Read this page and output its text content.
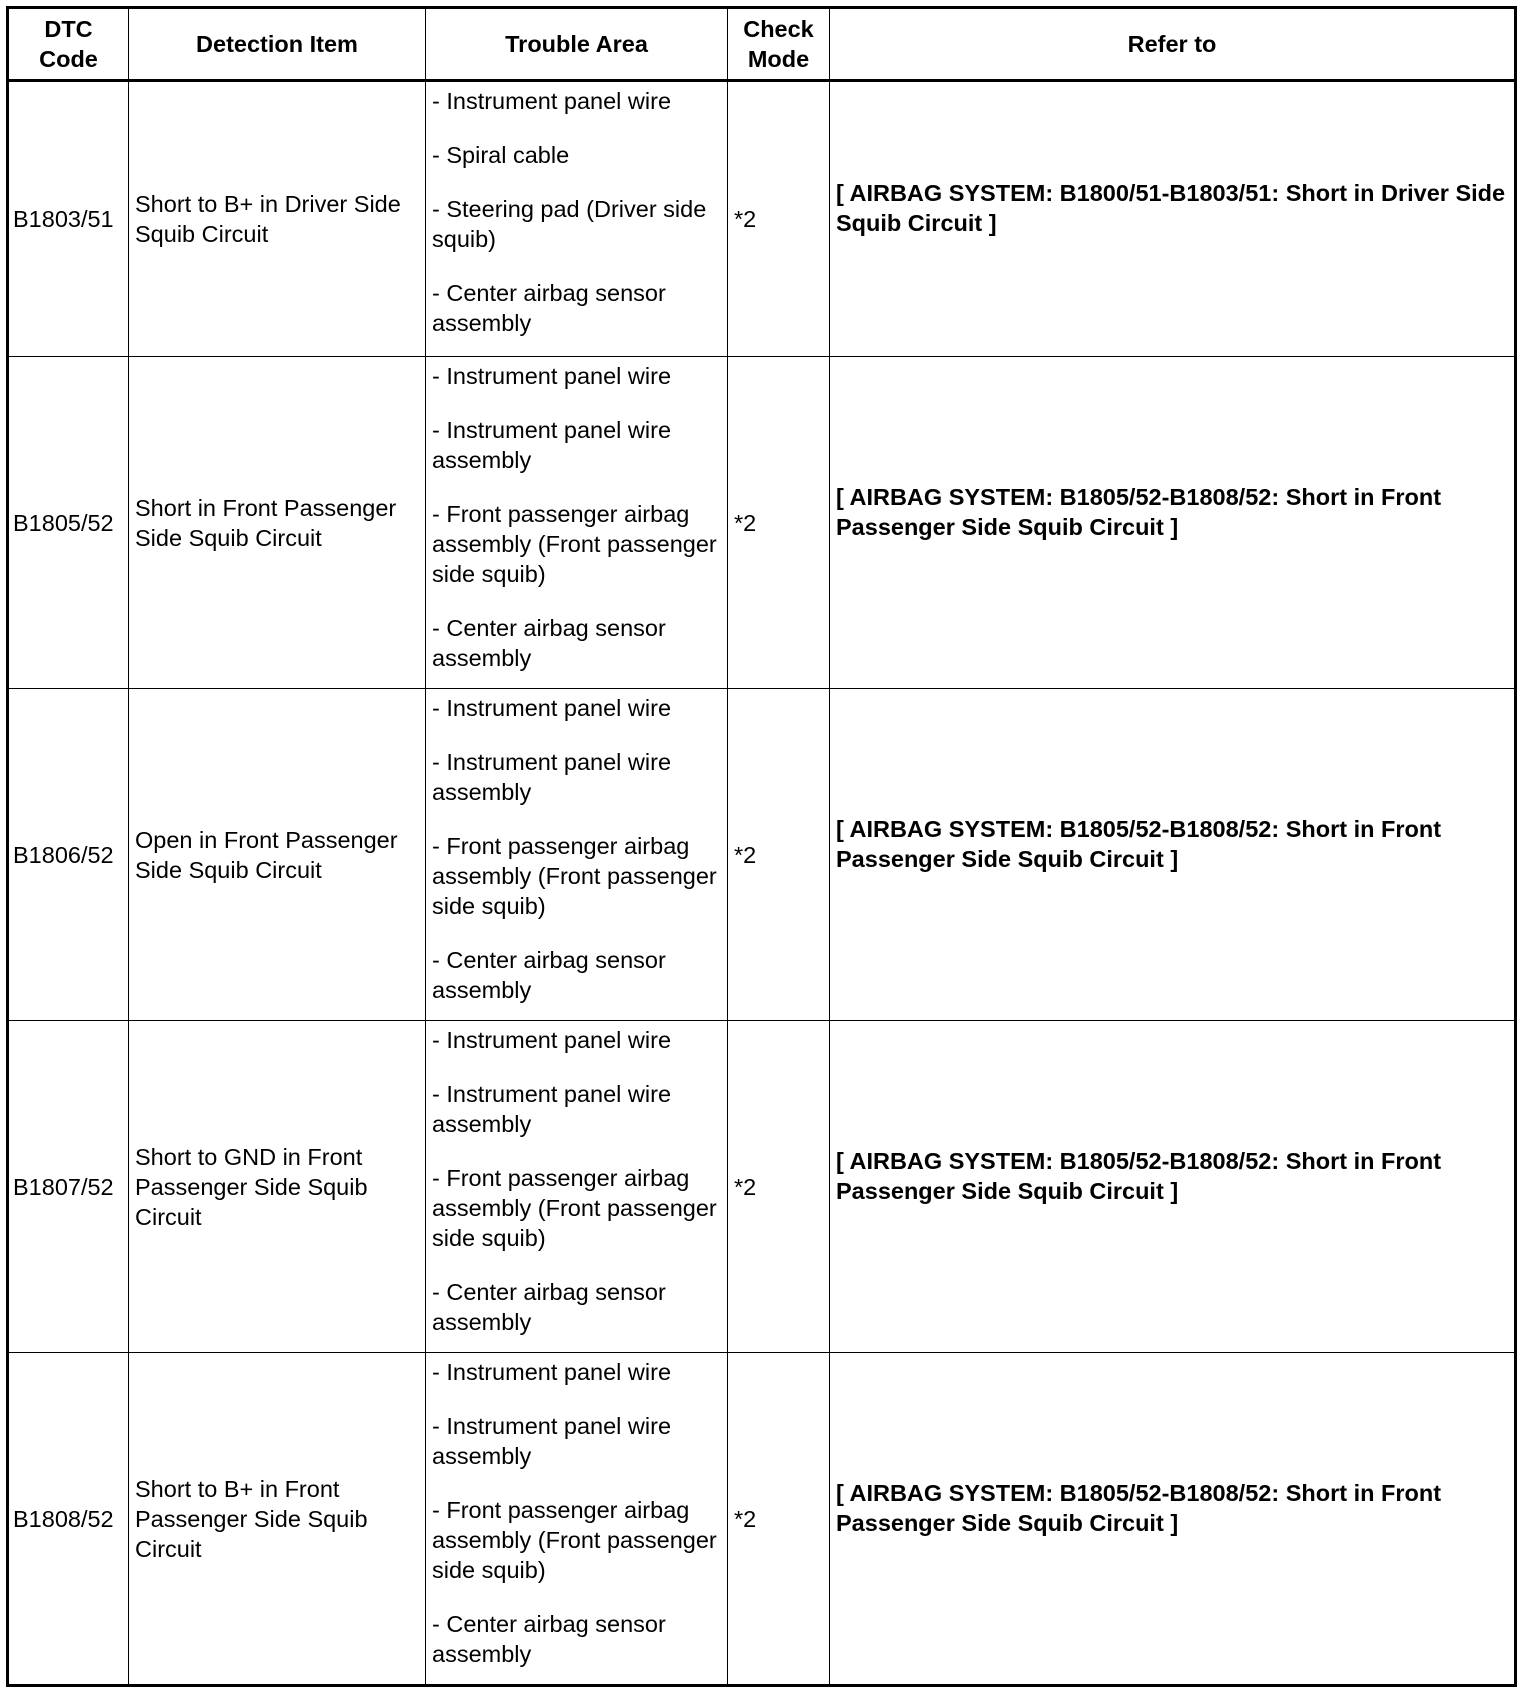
DTC Code	Detection Item	Trouble Area	Check Mode	Refer to

B1803/51	Short to B+ in Driver Side Squib Circuit	- Instrument panel wire
- Spiral cable
- Steering pad (Driver side squib)
- Center airbag sensor assembly	*2	[ AIRBAG SYSTEM: B1800/51-B1803/51: Short in Driver Side Squib Circuit ]

B1805/52	Short in Front Passenger Side Squib Circuit	- Instrument panel wire
- Instrument panel wire assembly
- Front passenger airbag assembly (Front passenger side squib)
- Center airbag sensor assembly	*2	[ AIRBAG SYSTEM: B1805/52-B1808/52: Short in Front Passenger Side Squib Circuit ]

B1806/52	Open in Front Passenger Side Squib Circuit	- Instrument panel wire
- Instrument panel wire assembly
- Front passenger airbag assembly (Front passenger side squib)
- Center airbag sensor assembly	*2	[ AIRBAG SYSTEM: B1805/52-B1808/52: Short in Front Passenger Side Squib Circuit ]

B1807/52	Short to GND in Front Passenger Side Squib Circuit	- Instrument panel wire
- Instrument panel wire assembly
- Front passenger airbag assembly (Front passenger side squib)
- Center airbag sensor assembly	*2	[ AIRBAG SYSTEM: B1805/52-B1808/52: Short in Front Passenger Side Squib Circuit ]

B1808/52	Short to B+ in Front Passenger Side Squib Circuit	- Instrument panel wire
- Instrument panel wire assembly
- Front passenger airbag assembly (Front passenger side squib)
- Center airbag sensor assembly	*2	[ AIRBAG SYSTEM: B1805/52-B1808/52: Short in Front Passenger Side Squib Circuit ]
